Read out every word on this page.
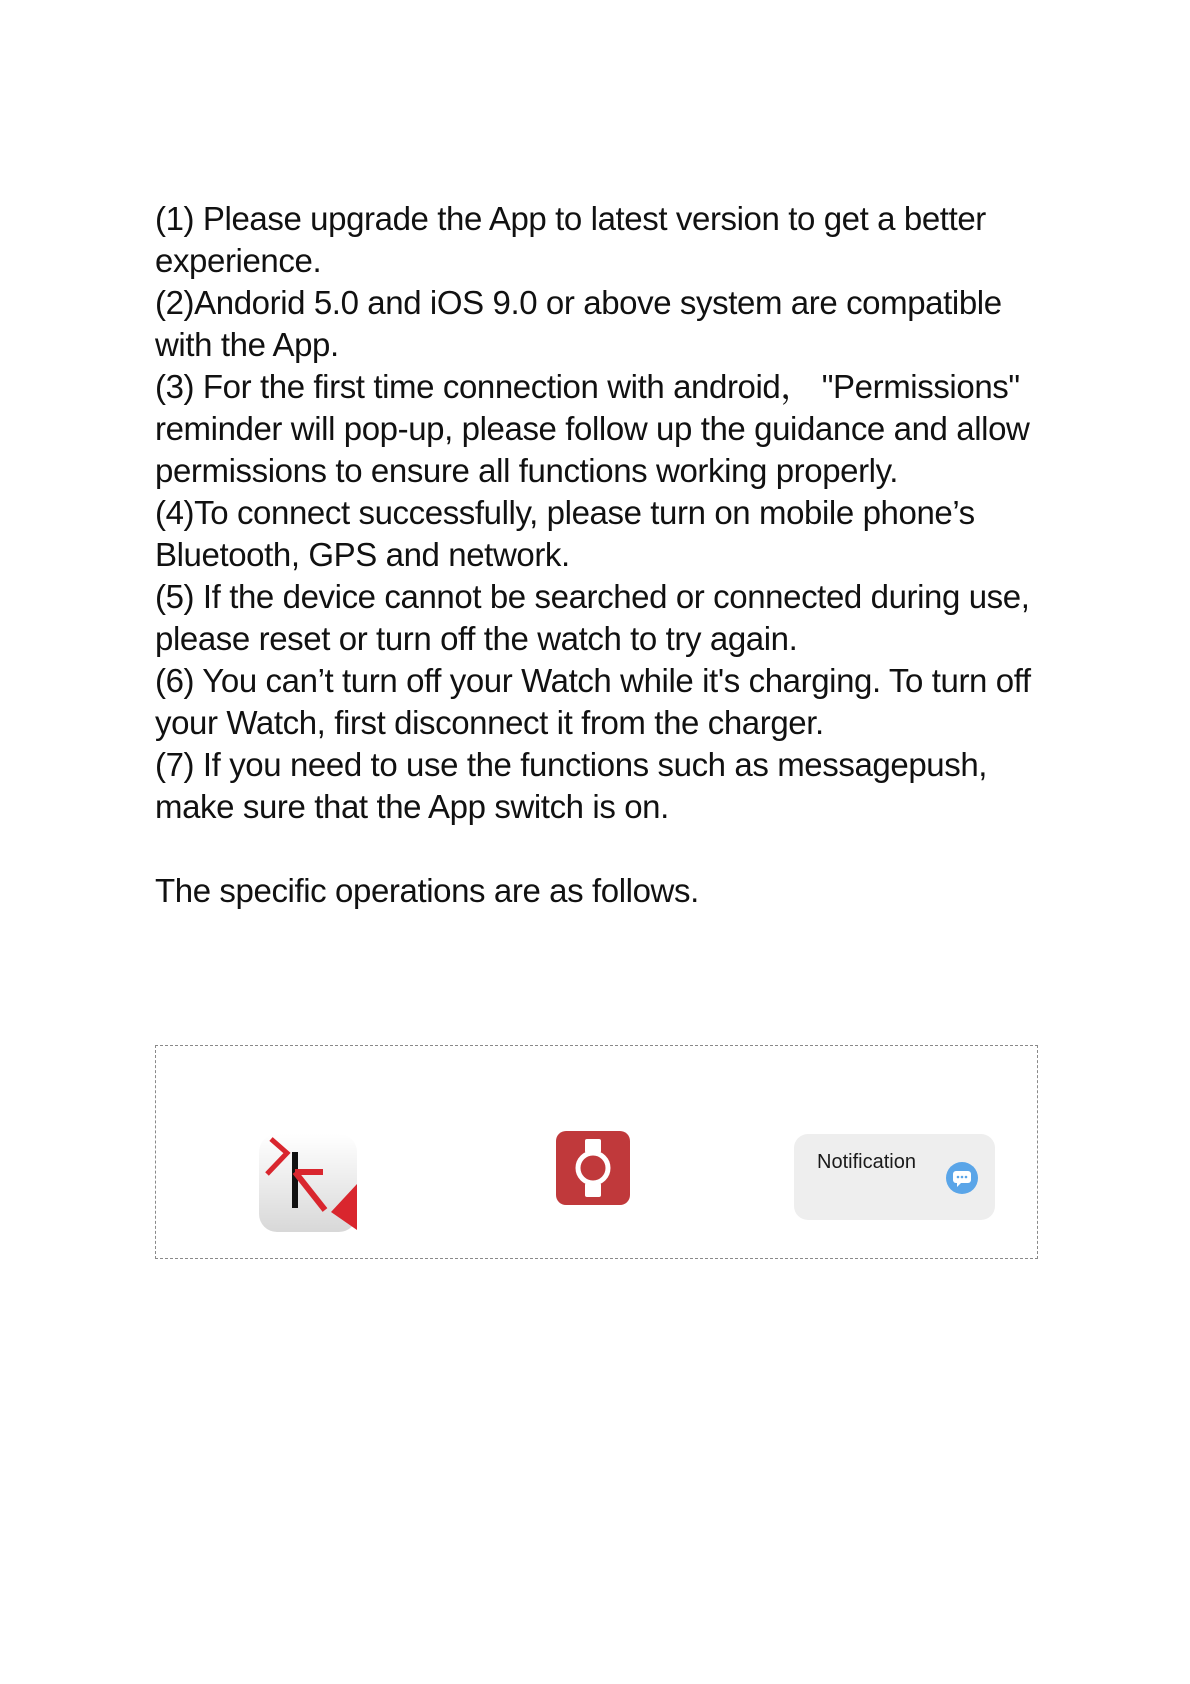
(1) Please upgrade the App to latest version to get a better experience.

(2)Andorid 5.0 and iOS 9.0 or above system are compatible with the App.

(3) For the first time connection with android， "Permissions" reminder will pop-up, please follow up the guidance and allow permissions to ensure all functions working properly.

(4)To connect successfully, please turn on mobile phone’s Bluetooth, GPS and network.

(5) If the device cannot be searched or connected during use, please reset or turn off the watch to try again.

(6) You can’t turn off your Watch while it's charging. To turn off your Watch, first disconnect it from the charger.

(7) If you need to use the functions such as messagepush, make sure that the App switch is on.

The specific operations are as follows.

Notification
